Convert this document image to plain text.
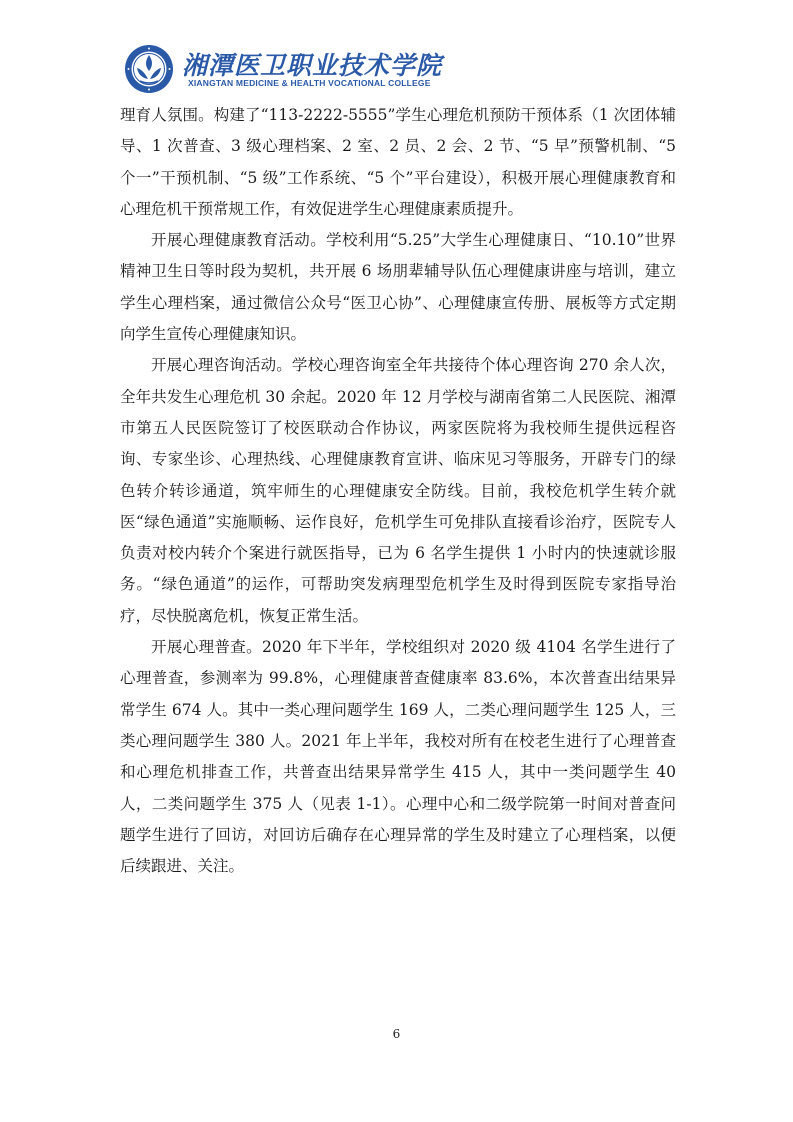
湘潭医卫职业技术学院
XIANGTAN MEDICINE & HEALTH VOCATIONAL COLLEGE

理育人氛围。构建了“113-2222-5555”学生心理危机预防干预体系（1 次团体辅导、1 次普查、3 级心理档案、2 室、2 员、2 会、2 节、“5 早”预警机制、“5 个一”干预机制、“5 级”工作系统、“5 个”平台建设），积极开展心理健康教育和心理危机干预常规工作，有效促进学生心理健康素质提升。

开展心理健康教育活动。学校利用“5.25”大学生心理健康日、“10.10”世界精神卫生日等时段为契机，共开展 6 场朋辈辅导队伍心理健康讲座与培训，建立学生心理档案，通过微信公众号“医卫心协”、心理健康宣传册、展板等方式定期向学生宣传心理健康知识。

开展心理咨询活动。学校心理咨询室全年共接待个体心理咨询 270 余人次，全年共发生心理危机 30 余起。2020 年 12 月学校与湖南省第二人民医院、湘潭市第五人民医院签订了校医联动合作协议，两家医院将为我校师生提供远程咨询、专家坐诊、心理热线、心理健康教育宣讲、临床见习等服务，开辟专门的绿色转介转诊通道，筑牢师生的心理健康安全防线。目前，我校危机学生转介就医“绿色通道”实施顺畅、运作良好，危机学生可免排队直接看诊治疗，医院专人负责对校内转介个案进行就医指导，已为 6 名学生提供 1 小时内的快速就诊服务。“绿色通道”的运作，可帮助突发病理型危机学生及时得到医院专家指导治疗，尽快脱离危机，恢复正常生活。

开展心理普查。2020 年下半年，学校组织对 2020 级 4104 名学生进行了心理普查，参测率为 99.8%，心理健康普查健康率 83.6%，本次普查出结果异常学生 674 人。其中一类心理问题学生 169 人，二类心理问题学生 125 人，三类心理问题学生 380 人。2021 年上半年，我校对所有在校老生进行了心理普查和心理危机排查工作，共普查出结果异常学生 415 人，其中一类问题学生 40 人，二类问题学生 375 人（见表 1-1）。心理中心和二级学院第一时间对普查问题学生进行了回访，对回访后确存在心理异常的学生及时建立了心理档案，以便后续跟进、关注。

6
